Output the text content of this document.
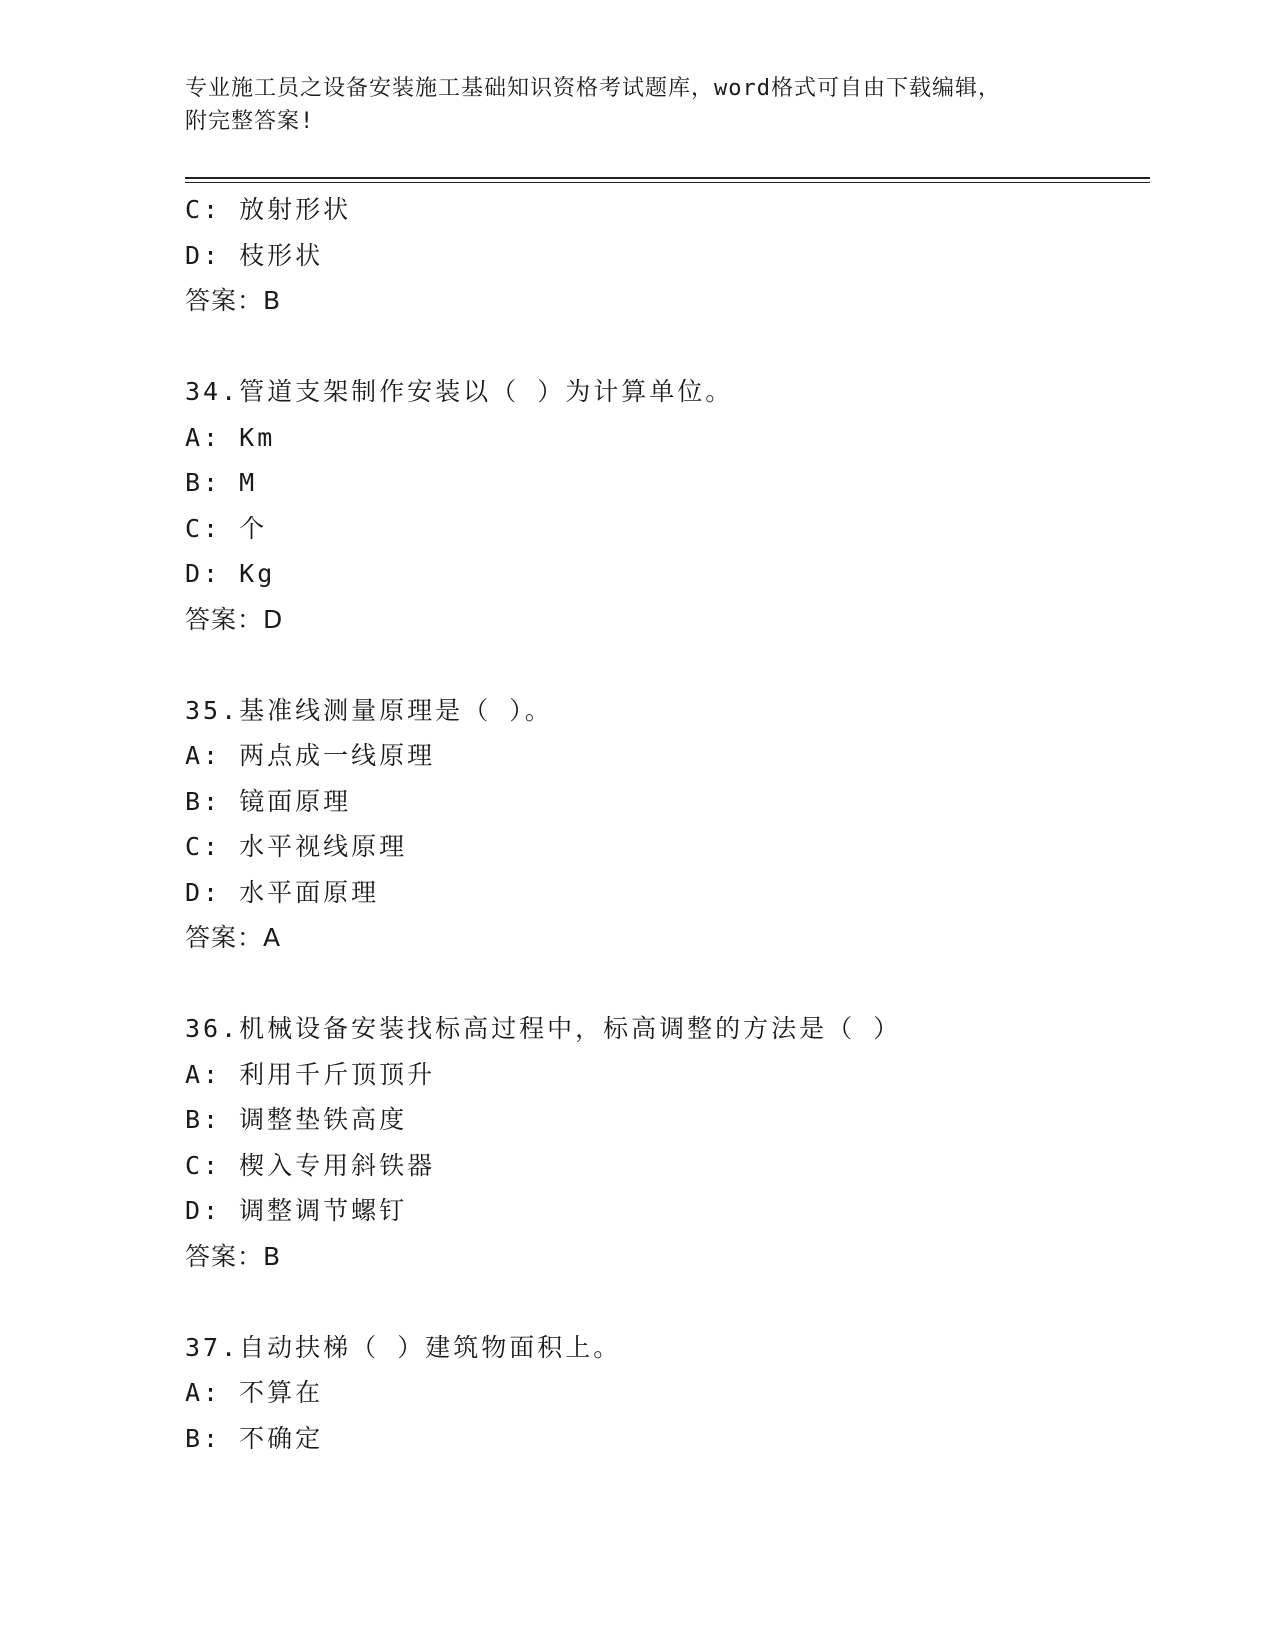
专业施工员之设备安装施工基础知识资格考试题库，word格式可自由下载编辑，
附完整答案!
C: 放射形状
D: 枝形状
答案：B
34.管道支架制作安装以（ ）为计算单位。
A: Km
B: M
C: 个
D: Kg
答案：D
35.基准线测量原理是（ ）。
A: 两点成一线原理
B: 镜面原理
C: 水平视线原理
D: 水平面原理
答案：A
36.机械设备安装找标高过程中，标高调整的方法是（ ）
A: 利用千斤顶顶升
B: 调整垫铁高度
C: 楔入专用斜铁器
D: 调整调节螺钉
答案：B
37.自动扶梯（ ）建筑物面积上。
A: 不算在
B: 不确定
